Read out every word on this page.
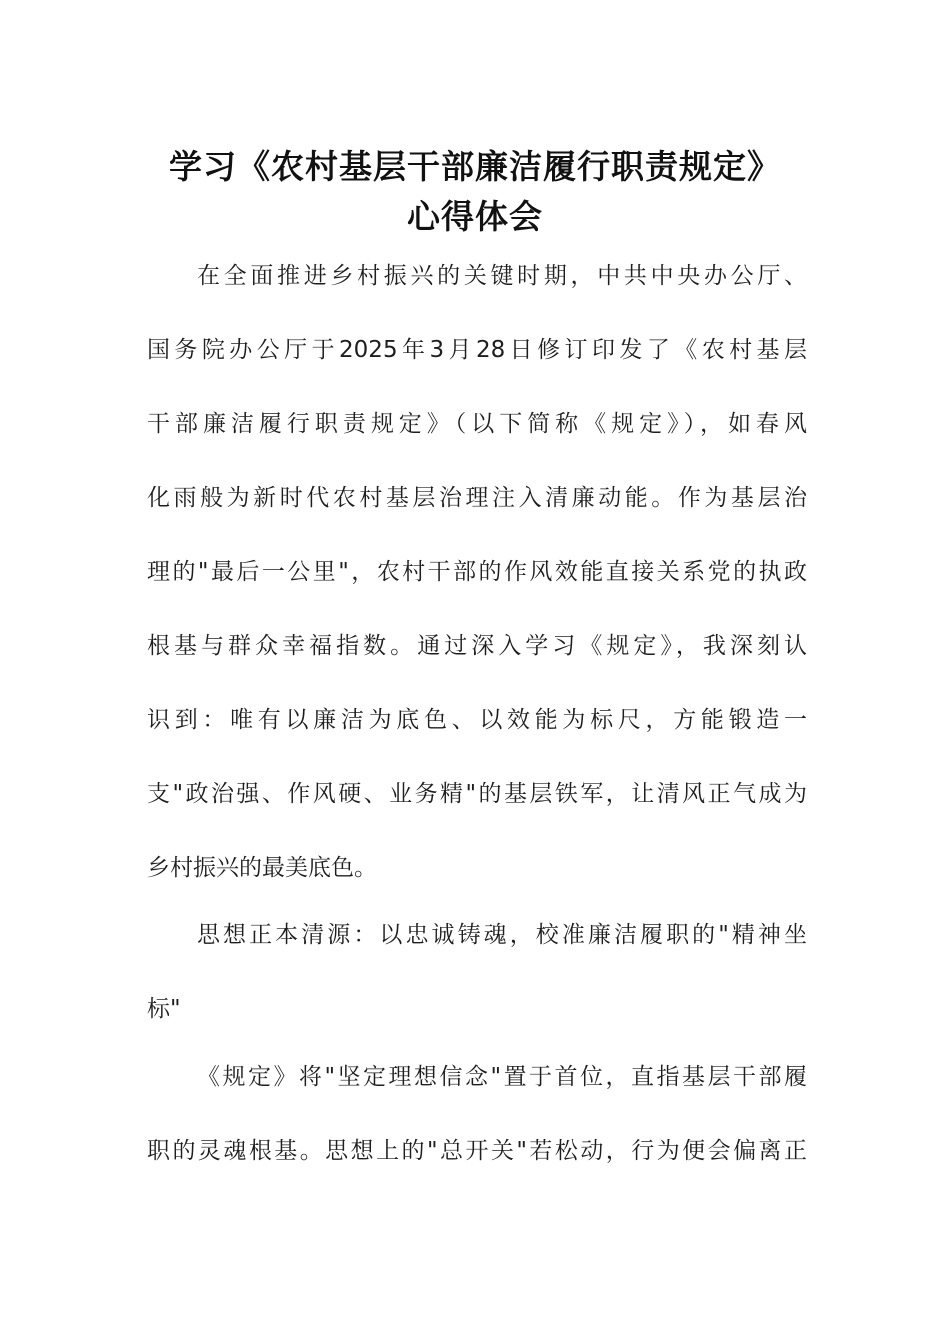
学习《农村基层干部廉洁履行职责规定》
心得体会
在全面推进乡村振兴的关键时期，中共中央办公厅、
国务院办公厅于2025年3月28日修订印发了《农村基层
干部廉洁履行职责规定》（以下简称《规定》），如春风
化雨般为新时代农村基层治理注入清廉动能。作为基层治
理的"最后一公里"，农村干部的作风效能直接关系党的执政
根基与群众幸福指数。通过深入学习《规定》，我深刻认
识到：唯有以廉洁为底色、以效能为标尺，方能锻造一
支"政治强、作风硬、业务精"的基层铁军，让清风正气成为
乡村振兴的最美底色。
思想正本清源：以忠诚铸魂，校准廉洁履职的"精神坐
标"
《规定》将"坚定理想信念"置于首位，直指基层干部履
职的灵魂根基。思想上的"总开关"若松动，行为便会偏离正
